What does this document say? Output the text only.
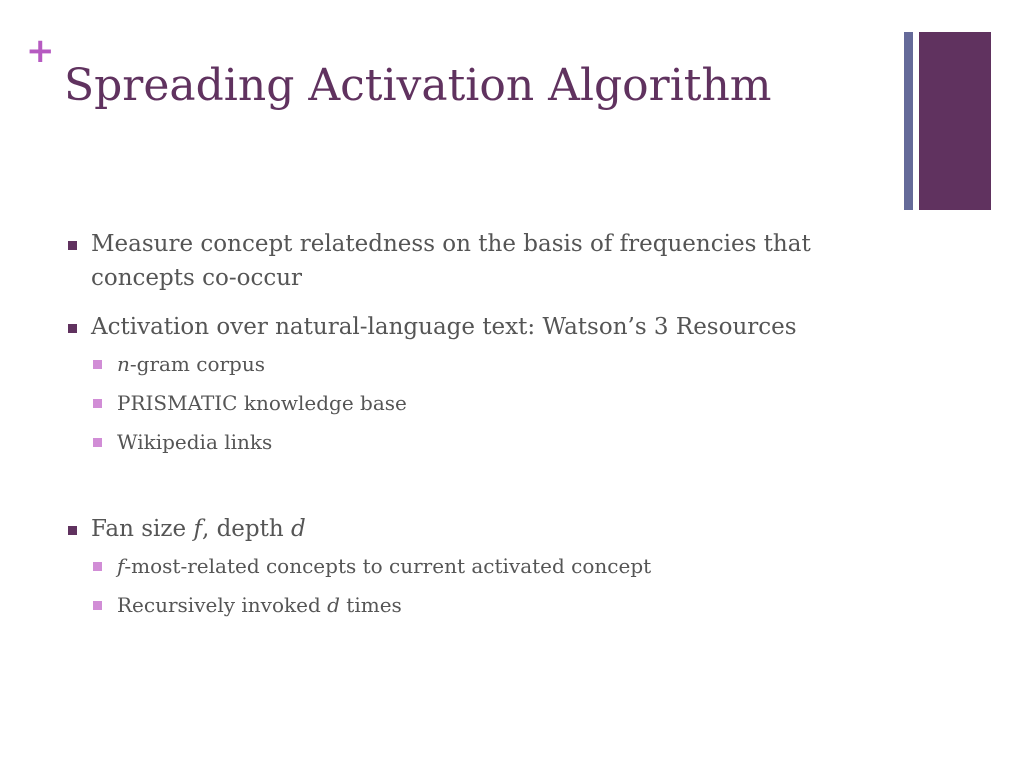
+
Spreading Activation Algorithm
Measure concept relatedness on the basis of frequencies that concepts co-occur
Activation over natural-language text: Watson’s 3 Resources
n-gram corpus
PRISMATIC knowledge base
Wikipedia links
Fan size f, depth d
f-most-related concepts to current activated concept
Recursively invoked d times
